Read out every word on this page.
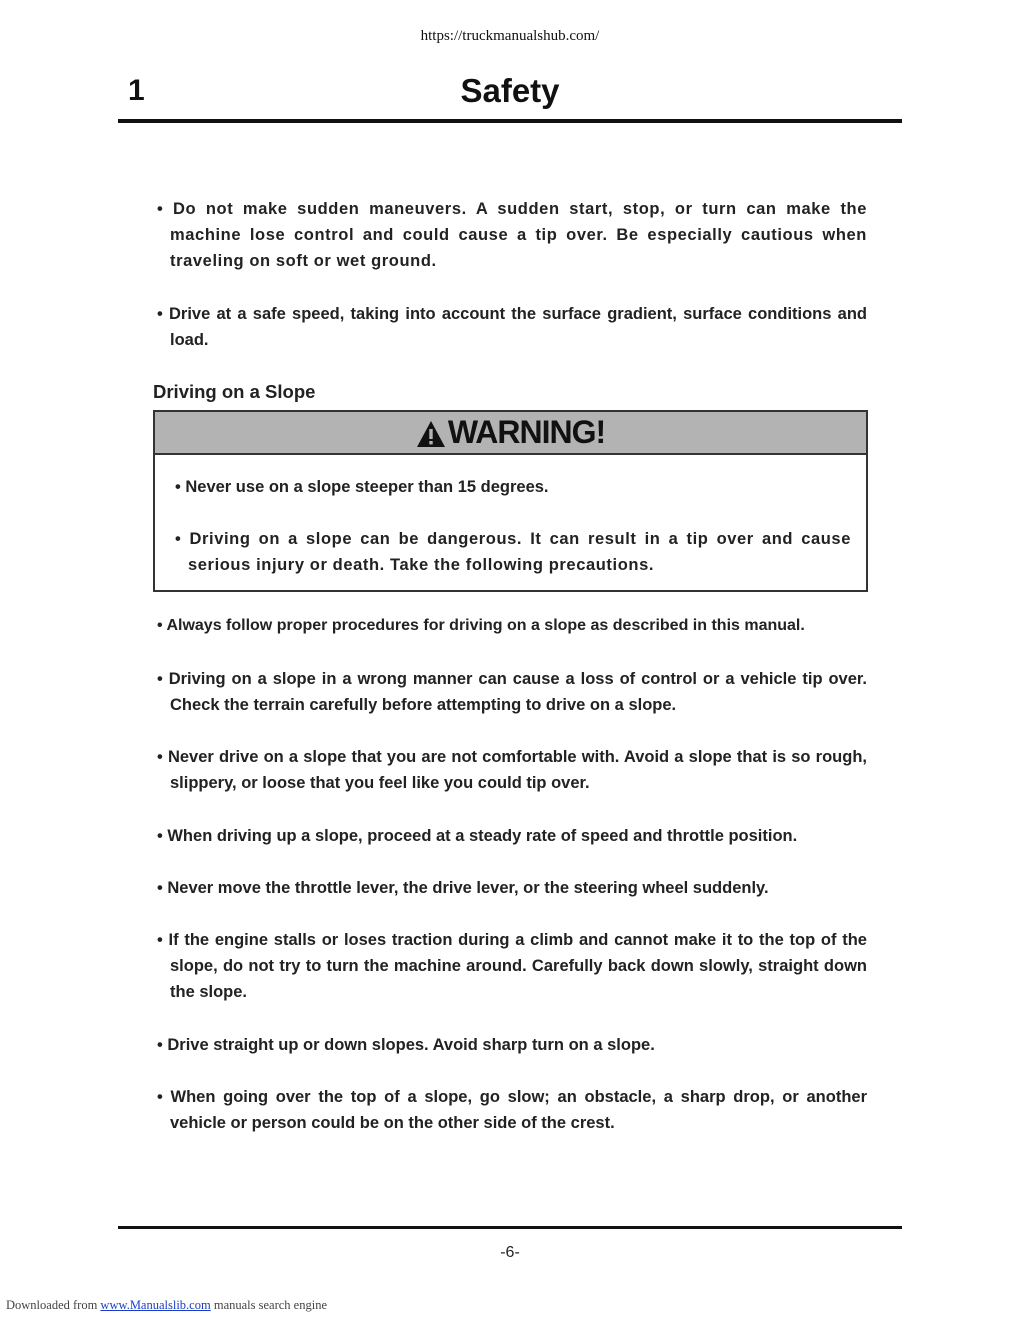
https://truckmanualshub.com/
1	Safety
• Do not make sudden maneuvers. A sudden start, stop, or turn can make the machine lose control and could cause a tip over. Be especially cautious when traveling on soft or wet ground.
• Drive at a safe speed, taking into account the surface gradient, surface conditions and load.
Driving on a Slope
WARNING!
• Never use on a slope steeper than 15 degrees.
• Driving on a slope can be dangerous. It can result in a tip over and cause serious injury or death. Take the following precautions.
• Always follow proper procedures for driving on a slope as described in this manual.
• Driving on a slope in a wrong manner can cause a loss of control or a vehicle tip over. Check the terrain carefully before attempting to drive on a slope.
• Never drive on a slope that you are not comfortable with. Avoid a slope that is so rough, slippery, or loose that you feel like you could tip over.
• When driving up a slope, proceed at a steady rate of speed and throttle position.
• Never move the throttle lever, the drive lever, or the steering wheel suddenly.
• If the engine stalls or loses traction during a climb and cannot make it to the top of the slope, do not try to turn the machine around. Carefully back down slowly, straight down the slope.
• Drive straight up or down slopes. Avoid sharp turn on a slope.
• When going over the top of a slope, go slow; an obstacle, a sharp drop, or another vehicle or person could be on the other side of the crest.
-6-
Downloaded from www.Manualslib.com manuals search engine
